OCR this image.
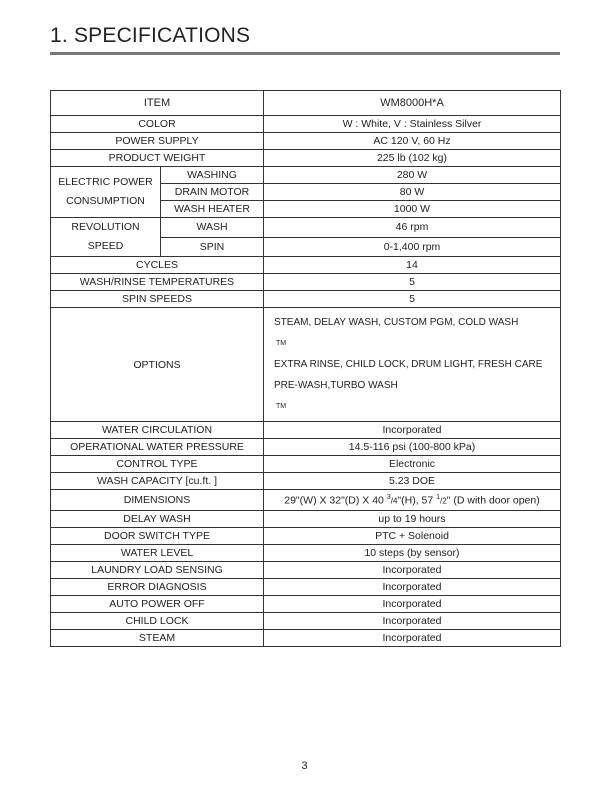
1. SPECIFICATIONS
ITEM		WM8000H*A
COLOR		W : White, V : Stainless Silver
POWER SUPPLY		AC 120 V, 60 Hz
PRODUCT WEIGHT		225 lb (102 kg)
ELECTRIC POWER CONSUMPTION	WASHING	280 W
	DRAIN MOTOR	80 W
	WASH HEATER	1000 W
REVOLUTION SPEED	WASH	46 rpm
	SPIN	0-1,400 rpm
CYCLES		14
WASH/RINSE TEMPERATURES		5
SPIN SPEEDS		5
OPTIONS		STEAM, DELAY WASH, CUSTOM PGM, COLD WASH
TM
EXTRA RINSE, CHILD LOCK, DRUM LIGHT, FRESH CARE
PRE-WASH,TURBO WASH
TM

WATER CIRCULATION		Incorporated
OPERATIONAL WATER PRESSURE		14.5-116 psi (100-800 kPa)
CONTROL TYPE		Electronic
WASH CAPACITY [cu.ft. ]		5.23 DOE
DIMENSIONS		29"(W) X 32"(D) X 40 $^3$/4"(H), 57 $^1$/2" (D with door open)
DELAY WASH		up to 19 hours
DOOR SWITCH TYPE		PTC + Solenoid
WATER LEVEL		10 steps (by sensor)
LAUNDRY LOAD SENSING		Incorporated
ERROR DIAGNOSIS		Incorporated
AUTO POWER OFF		Incorporated
CHILD LOCK		Incorporated
STEAM		Incorporated
3
